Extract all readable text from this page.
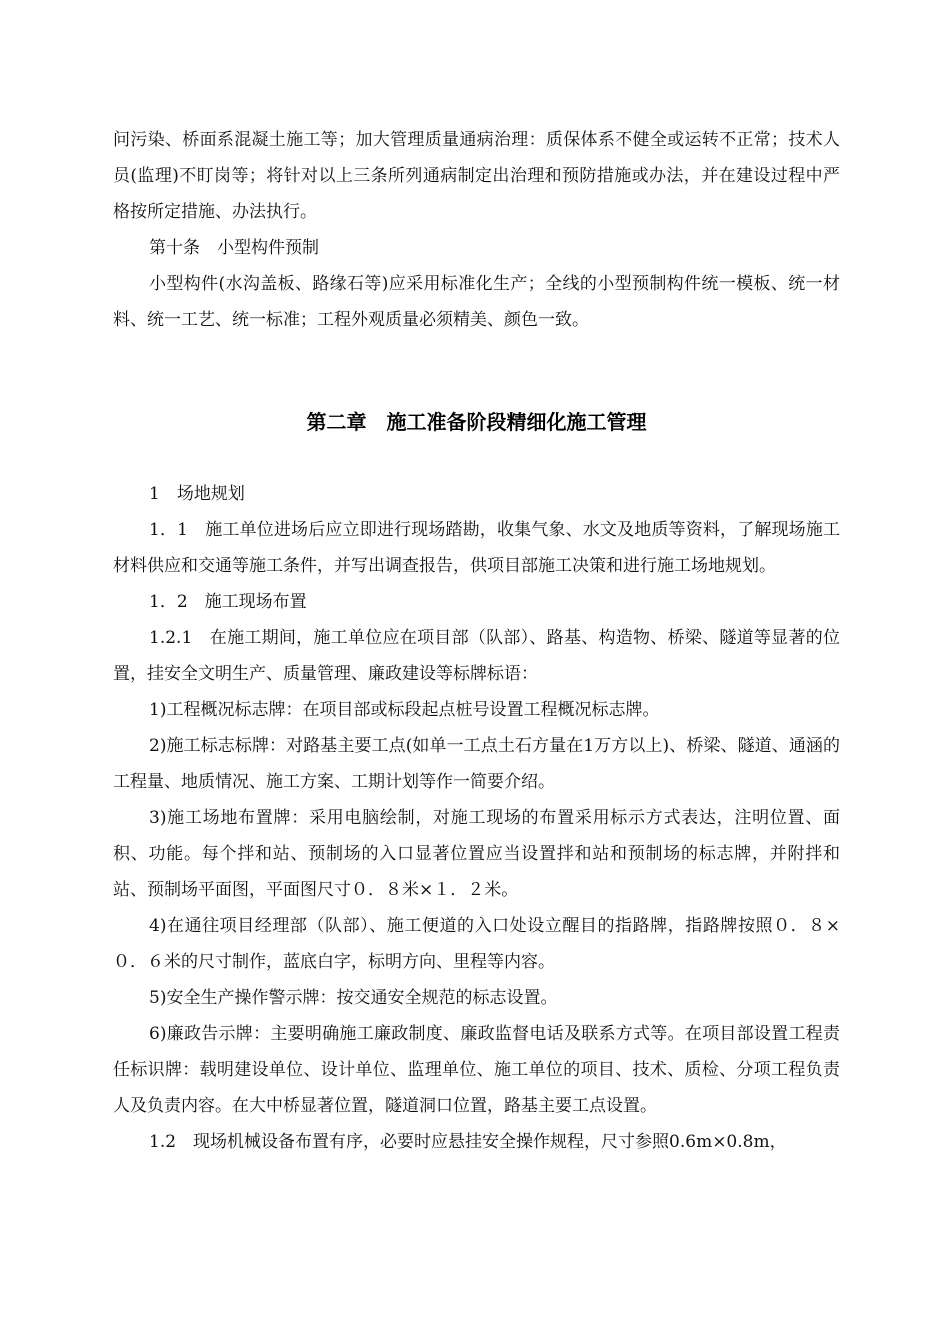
问污染、桥面系混凝土施工等；加大管理质量通病治理：质保体系不健全或运转不正常；技术人员(监理)不盯岗等；将针对以上三条所列通病制定出治理和预防措施或办法，并在建设过程中严格按所定措施、办法执行。

第十条　小型构件预制

小型构件(水沟盖板、路缘石等)应采用标准化生产；全线的小型预制构件统一模板、统一材料、统一工艺、统一标准；工程外观质量必须精美、颜色一致。

第二章　施工准备阶段精细化施工管理

1　场地规划

1．1　施工单位进场后应立即进行现场踏勘，收集气象、水文及地质等资料，了解现场施工材料供应和交通等施工条件，并写出调查报告，供项目部施工决策和进行施工场地规划。

1．2　施工现场布置

1.2.1　在施工期间，施工单位应在项目部（队部）、路基、构造物、桥梁、隧道等显著的位置，挂安全文明生产、质量管理、廉政建设等标牌标语：

1)工程概况标志牌：在项目部或标段起点桩号设置工程概况标志牌。

2)施工标志标牌：对路基主要工点(如单一工点土石方量在1万方以上)、桥梁、隧道、通涵的工程量、地质情况、施工方案、工期计划等作一简要介绍。

3)施工场地布置牌：采用电脑绘制，对施工现场的布置采用标示方式表达，注明位置、面积、功能。每个拌和站、预制场的入口显著位置应当设置拌和站和预制场的标志牌，并附拌和站、预制场平面图，平面图尺寸０．８米×１．２米。

4)在通往项目经理部（队部）、施工便道的入口处设立醒目的指路牌，指路牌按照０．８×０．６米的尺寸制作，蓝底白字，标明方向、里程等内容。

5)安全生产操作警示牌：按交通安全规范的标志设置。

6)廉政告示牌：主要明确施工廉政制度、廉政监督电话及联系方式等。在项目部设置工程责任标识牌：载明建设单位、设计单位、监理单位、施工单位的项目、技术、质检、分项工程负责人及负责内容。在大中桥显著位置，隧道洞口位置，路基主要工点设置。

1.2　现场机械设备布置有序，必要时应悬挂安全操作规程，尺寸参照0.6m×0.8m，
